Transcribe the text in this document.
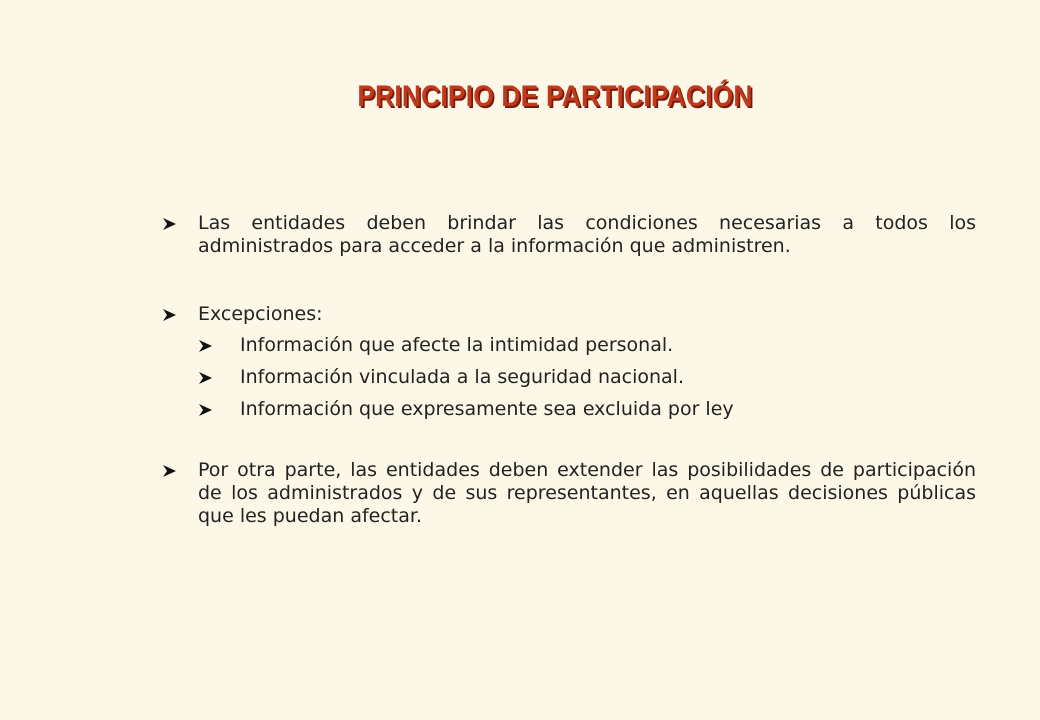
PRINCIPIO DE PARTICIPACIÓN
Las entidades deben brindar las condiciones necesarias a todos los administrados para acceder a la información que administren.
Excepciones:
Información que afecte la intimidad personal.
Información vinculada a la seguridad nacional.
Información que expresamente sea excluida por ley
Por otra parte, las entidades deben extender las posibilidades de participación de los administrados y de sus representantes, en aquellas decisiones públicas que les puedan afectar.
